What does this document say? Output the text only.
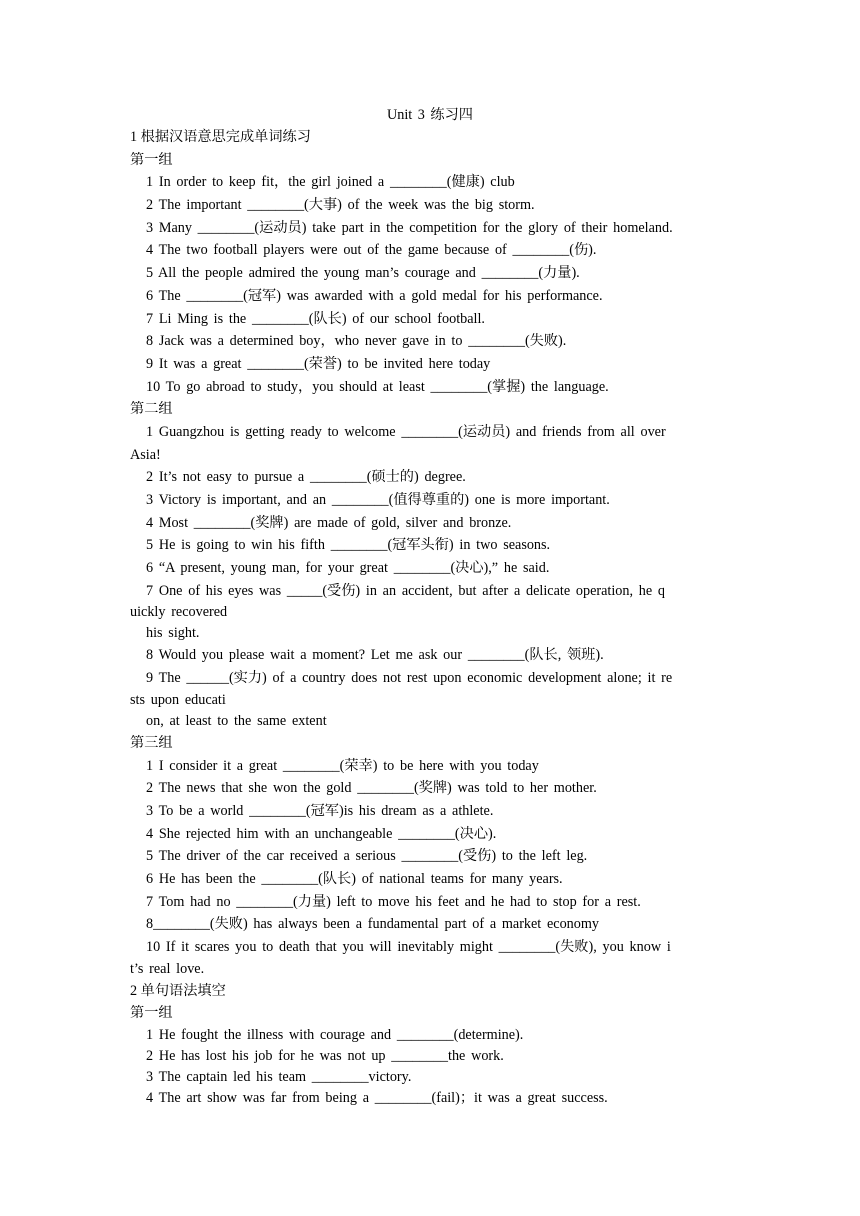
Unit 3 练习四
1 根据汉语意思完成单词练习
第一组
1 In order to keep fit，the girl joined a ________(健康) club
2 The important ________(大事) of the week was the big storm.
3 Many ________(运动员) take part in the competition for the glory of their homeland.
4 The two football players were out of the game because of ________(伤).
5 All the people admired the young man’s courage and ________(力量).
6 The ________(冠军) was awarded with a gold medal for his performance.
7 Li Ming is the ________(队长) of our school football.
8 Jack was a determined boy，who never gave in to ________(失败).
9 It was a great ________(荣誉) to be invited here today
10 To go abroad to study，you should at least ________(掌握) the language.
第二组
1 Guangzhou is getting ready to welcome ________(运动员) and friends from all over
Asia!
2 It’s not easy to pursue a ________(硕士的) degree.
3 Victory is important, and an ________(值得尊重的) one is more important.
4 Most ________(奖牌) are made of gold, silver and bronze.
5 He is going to win his fifth ________(冠军头衔) in two seasons.
6 “A present, young man, for your great ________(决心),” he said.
7 One of his eyes was _____(受伤) in an accident, but after a delicate operation, he q
uickly recovered
his sight.
8 Would you please wait a moment? Let me ask our ________(队长, 领班).
9 The ______(实力) of a country does not rest upon economic development alone; it re
sts upon educati
on, at least to the same extent
第三组
1 I consider it a great ________(荣幸) to be here with you today
2 The news that she won the gold ________(奖牌) was told to her mother.
3 To be a world ________(冠军)is his dream as a athlete.
4 She rejected him with an unchangeable ________(决心).
5 The driver of the car received a serious ________(受伤) to the left leg.
6 He has been the ________(队长) of national teams for many years.
7 Tom had no ________(力量) left to move his feet and he had to stop for a rest.
8________(失败) has always been a fundamental part of a market economy
10 If it scares you to death that you will inevitably might ________(失败), you know i
t’s real love.
2 单句语法填空
第一组
1 He fought the illness with courage and ________(determine).
2 He has lost his job for he was not up ________the work.
3 The captain led his team ________victory.
4 The art show was far from being a ________(fail)；it was a great success.
